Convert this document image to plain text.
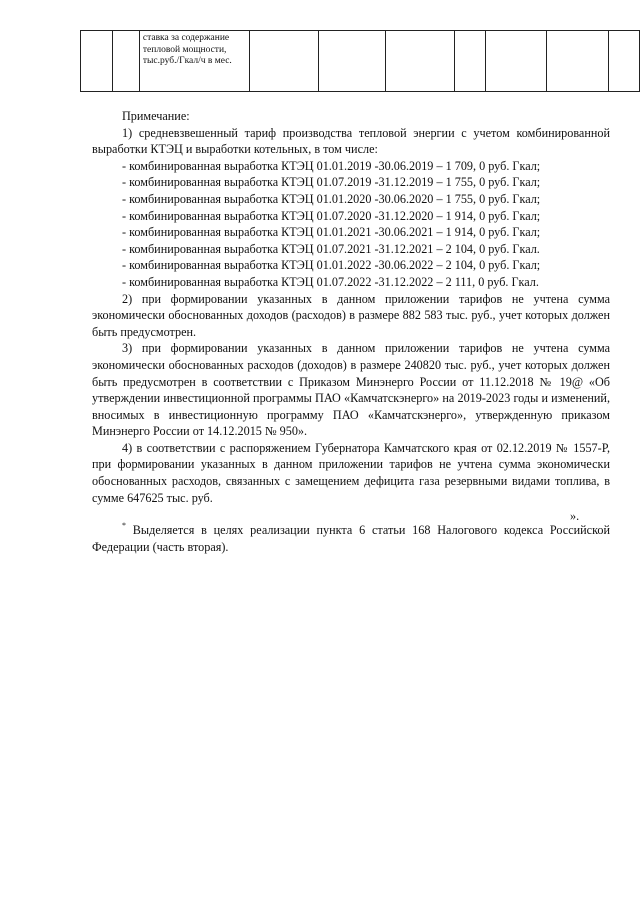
ставка за содержание тепловой мощности, тыс.руб./Гкал/ч в мес.

Примечание:

1) средневзвешенный тариф производства тепловой энергии с учетом комбинированной выработки КТЭЦ и выработки котельных, в том числе:

- комбинированная выработка КТЭЦ 01.01.2019 -30.06.2019 – 1 709, 0 руб. Гкал;

- комбинированная выработка КТЭЦ 01.07.2019 -31.12.2019 – 1 755, 0 руб. Гкал;

- комбинированная выработка КТЭЦ 01.01.2020 -30.06.2020 – 1 755, 0 руб. Гкал;

- комбинированная выработка КТЭЦ 01.07.2020 -31.12.2020 – 1 914, 0 руб. Гкал;

- комбинированная выработка КТЭЦ 01.01.2021 -30.06.2021 – 1 914, 0 руб. Гкал;

- комбинированная выработка КТЭЦ 01.07.2021 -31.12.2021 – 2 104, 0 руб. Гкал.

- комбинированная выработка КТЭЦ 01.01.2022 -30.06.2022 – 2 104, 0 руб. Гкал;

- комбинированная выработка КТЭЦ 01.07.2022 -31.12.2022 – 2 111, 0 руб. Гкал.

2) при формировании указанных в данном приложении тарифов не учтена сумма экономически обоснованных доходов (расходов) в размере 882 583 тыс. руб., учет которых должен быть предусмотрен.

3) при формировании указанных в данном приложении тарифов не учтена сумма экономически обоснованных расходов (доходов) в размере 240820 тыс. руб., учет которых должен быть предусмотрен в соответствии с Приказом Минэнерго России от 11.12.2018 № 19@ «Об утверждении инвестиционной программы ПАО «Камчатскэнерго» на 2019-2023 годы и изменений, вносимых в инвестиционную программу ПАО «Камчатскэнерго», утвержденную приказом Минэнерго России от 14.12.2015 № 950».

4) в соответствии с распоряжением Губернатора Камчатского края от 02.12.2019 № 1557-Р, при формировании указанных в данном приложении тарифов не учтена сумма экономически обоснованных расходов, связанных с замещением дефицита газа резервными видами топлива, в сумме 647625 тыс. руб.

* Выделяется в целях реализации пункта 6 статьи 168 Налогового кодекса Российской Федерации (часть вторая).

».
